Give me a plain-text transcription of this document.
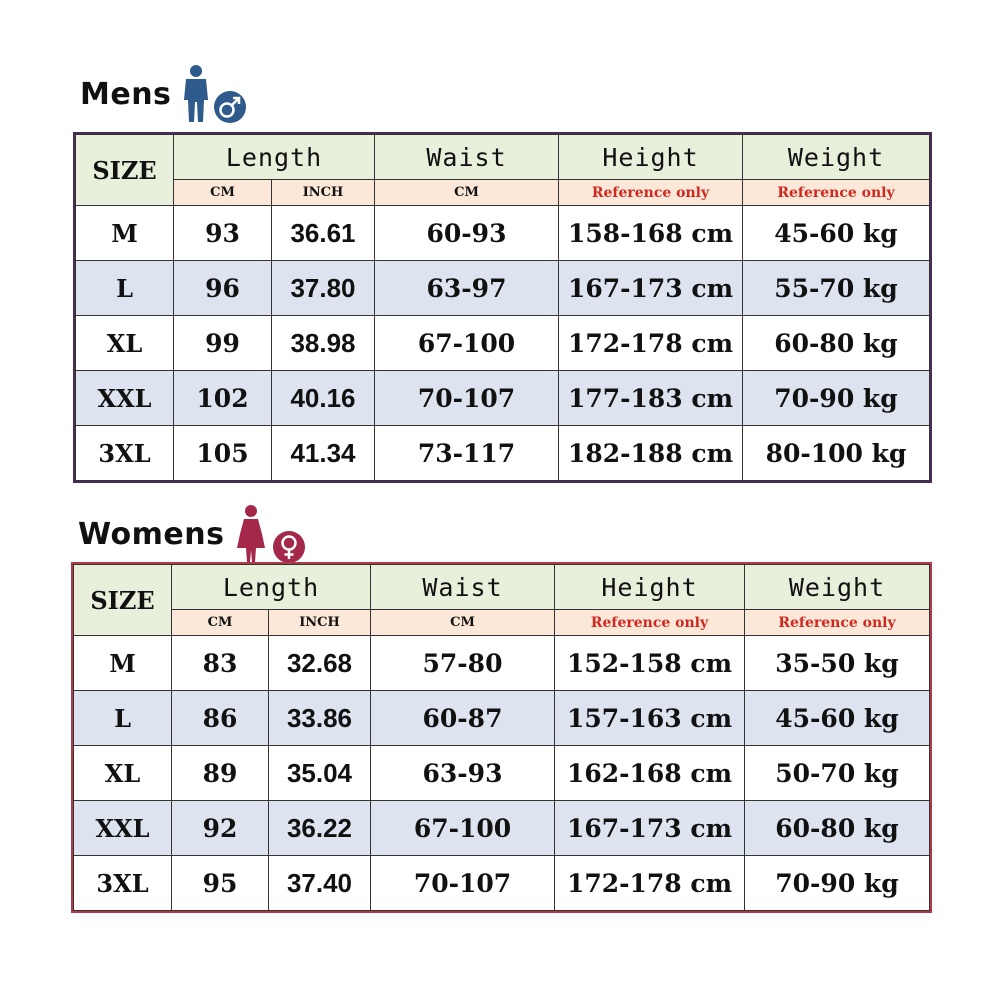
Mens
SIZE	Length		Waist	Height	Weight
	CM	INCH	CM	Reference only	Reference only
M	93	36.61	60-93	158-168 cm	45-60 kg
L	96	37.80	63-97	167-173 cm	55-70 kg
XL	99	38.98	67-100	172-178 cm	60-80 kg
XXL	102	40.16	70-107	177-183 cm	70-90 kg
3XL	105	41.34	73-117	182-188 cm	80-100 kg
Womens
SIZE	Length		Waist	Height	Weight
	CM	INCH	CM	Reference only	Reference only
M	83	32.68	57-80	152-158 cm	35-50 kg
L	86	33.86	60-87	157-163 cm	45-60 kg
XL	89	35.04	63-93	162-168 cm	50-70 kg
XXL	92	36.22	67-100	167-173 cm	60-80 kg
3XL	95	37.40	70-107	172-178 cm	70-90 kg
